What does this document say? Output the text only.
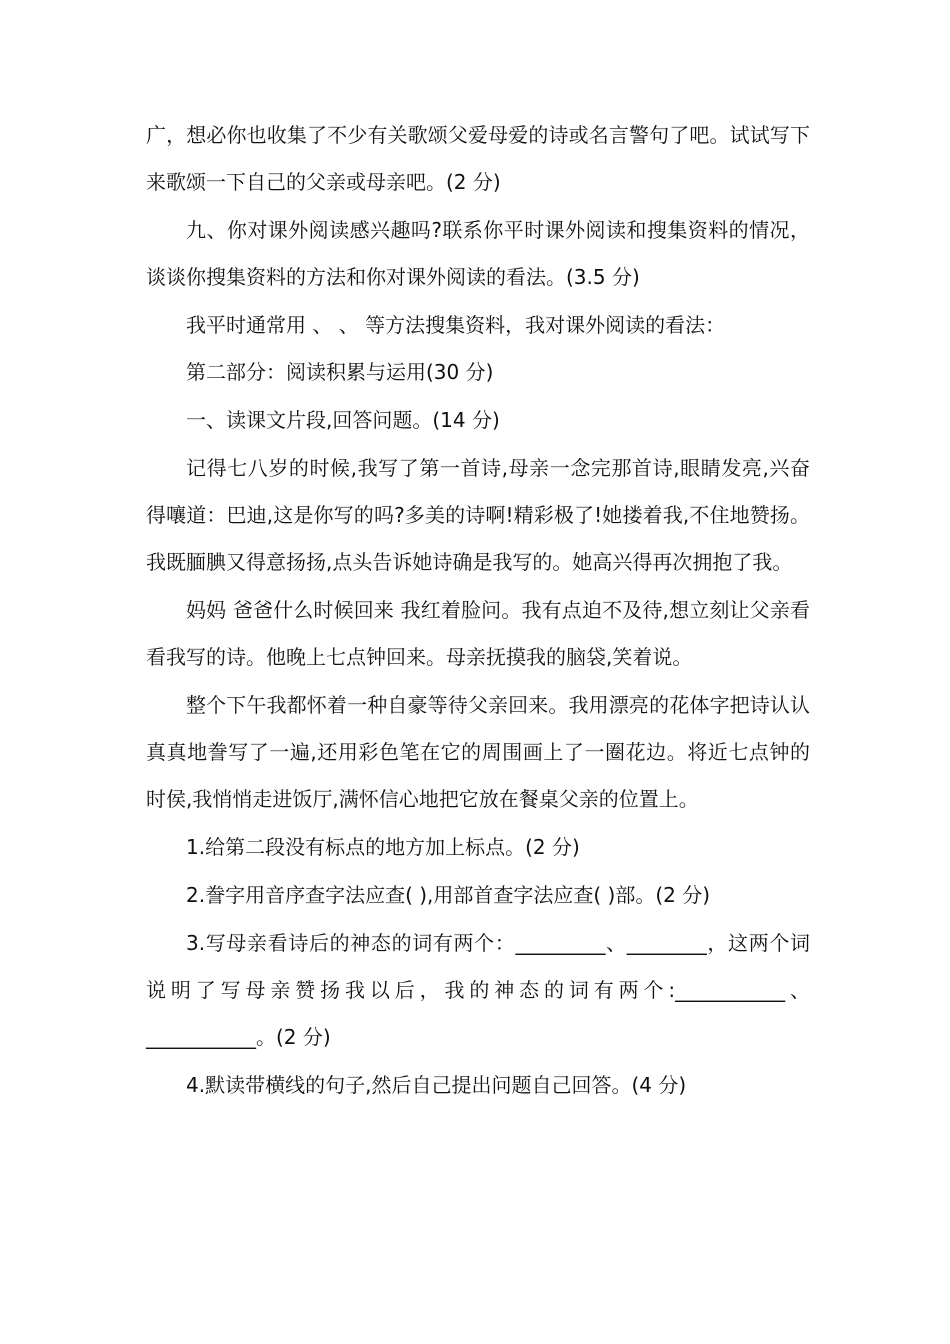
广，想必你也收集了不少有关歌颂父爱母爱的诗或名言警句了吧。试试写下来歌颂一下自己的父亲或母亲吧。(2 分)

九、你对课外阅读感兴趣吗?联系你平时课外阅读和搜集资料的情况，谈谈你搜集资料的方法和你对课外阅读的看法。(3.5 分)

我平时通常用 、 、 等方法搜集资料，我对课外阅读的看法：

第二部分：阅读积累与运用(30 分)

一、读课文片段,回答问题。(14 分)

记得七八岁的时候,我写了第一首诗,母亲一念完那首诗,眼睛发亮,兴奋得嚷道：巴迪,这是你写的吗?多美的诗啊!精彩极了!她搂着我,不住地赞扬。我既腼腆又得意扬扬,点头告诉她诗确是我写的。她高兴得再次拥抱了我。

妈妈 爸爸什么时候回来 我红着脸问。我有点迫不及待,想立刻让父亲看看我写的诗。他晚上七点钟回来。母亲抚摸我的脑袋,笑着说。

整个下午我都怀着一种自豪等待父亲回来。我用漂亮的花体字把诗认认真真地誊写了一遍,还用彩色笔在它的周围画上了一圈花边。将近七点钟的时侯,我悄悄走进饭厅,满怀信心地把它放在餐桌父亲的位置上。

1.给第二段没有标点的地方加上标点。(2 分)

2.誊字用音序查字法应查( ),用部首查字法应查( )部。(2 分)

3.写母亲看诗后的神态的词有两个：_________、________，这两个词说明了写母亲赞扬我以后，我的神态的词有两个:___________、___________。(2 分)

4.默读带横线的句子,然后自己提出问题自己回答。(4 分)
